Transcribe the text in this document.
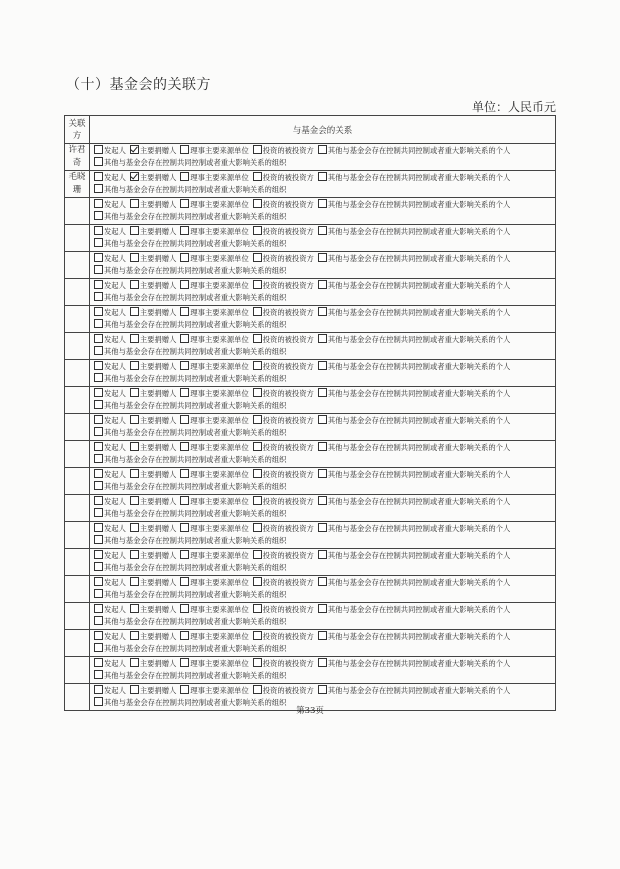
（十）基金会的关联方
单位：人民币元
关联方	与基金会的关系
许君奇	发起人 主要捐赠人 理事主要来源单位 投资的被投资方 其他与基金会存在控制共同控制或者重大影响关系的个人其他与基金会存在控制共同控制或者重大影响关系的组织
毛晓珊	发起人 主要捐赠人 理事主要来源单位 投资的被投资方 其他与基金会存在控制共同控制或者重大影响关系的个人其他与基金会存在控制共同控制或者重大影响关系的组织
	发起人 主要捐赠人 理事主要来源单位 投资的被投资方 其他与基金会存在控制共同控制或者重大影响关系的个人其他与基金会存在控制共同控制或者重大影响关系的组织
	发起人 主要捐赠人 理事主要来源单位 投资的被投资方 其他与基金会存在控制共同控制或者重大影响关系的个人其他与基金会存在控制共同控制或者重大影响关系的组织
	发起人 主要捐赠人 理事主要来源单位 投资的被投资方 其他与基金会存在控制共同控制或者重大影响关系的个人其他与基金会存在控制共同控制或者重大影响关系的组织
	发起人 主要捐赠人 理事主要来源单位 投资的被投资方 其他与基金会存在控制共同控制或者重大影响关系的个人其他与基金会存在控制共同控制或者重大影响关系的组织
	发起人 主要捐赠人 理事主要来源单位 投资的被投资方 其他与基金会存在控制共同控制或者重大影响关系的个人其他与基金会存在控制共同控制或者重大影响关系的组织
	发起人 主要捐赠人 理事主要来源单位 投资的被投资方 其他与基金会存在控制共同控制或者重大影响关系的个人其他与基金会存在控制共同控制或者重大影响关系的组织
	发起人 主要捐赠人 理事主要来源单位 投资的被投资方 其他与基金会存在控制共同控制或者重大影响关系的个人其他与基金会存在控制共同控制或者重大影响关系的组织
	发起人 主要捐赠人 理事主要来源单位 投资的被投资方 其他与基金会存在控制共同控制或者重大影响关系的个人其他与基金会存在控制共同控制或者重大影响关系的组织
	发起人 主要捐赠人 理事主要来源单位 投资的被投资方 其他与基金会存在控制共同控制或者重大影响关系的个人其他与基金会存在控制共同控制或者重大影响关系的组织
	发起人 主要捐赠人 理事主要来源单位 投资的被投资方 其他与基金会存在控制共同控制或者重大影响关系的个人其他与基金会存在控制共同控制或者重大影响关系的组织
	发起人 主要捐赠人 理事主要来源单位 投资的被投资方 其他与基金会存在控制共同控制或者重大影响关系的个人其他与基金会存在控制共同控制或者重大影响关系的组织
	发起人 主要捐赠人 理事主要来源单位 投资的被投资方 其他与基金会存在控制共同控制或者重大影响关系的个人其他与基金会存在控制共同控制或者重大影响关系的组织
	发起人 主要捐赠人 理事主要来源单位 投资的被投资方 其他与基金会存在控制共同控制或者重大影响关系的个人其他与基金会存在控制共同控制或者重大影响关系的组织
	发起人 主要捐赠人 理事主要来源单位 投资的被投资方 其他与基金会存在控制共同控制或者重大影响关系的个人其他与基金会存在控制共同控制或者重大影响关系的组织
	发起人 主要捐赠人 理事主要来源单位 投资的被投资方 其他与基金会存在控制共同控制或者重大影响关系的个人其他与基金会存在控制共同控制或者重大影响关系的组织
	发起人 主要捐赠人 理事主要来源单位 投资的被投资方 其他与基金会存在控制共同控制或者重大影响关系的个人其他与基金会存在控制共同控制或者重大影响关系的组织
	发起人 主要捐赠人 理事主要来源单位 投资的被投资方 其他与基金会存在控制共同控制或者重大影响关系的个人其他与基金会存在控制共同控制或者重大影响关系的组织
	发起人 主要捐赠人 理事主要来源单位 投资的被投资方 其他与基金会存在控制共同控制或者重大影响关系的个人其他与基金会存在控制共同控制或者重大影响关系的组织
	发起人 主要捐赠人 理事主要来源单位 投资的被投资方 其他与基金会存在控制共同控制或者重大影响关系的个人其他与基金会存在控制共同控制或者重大影响关系的组织
第33页
